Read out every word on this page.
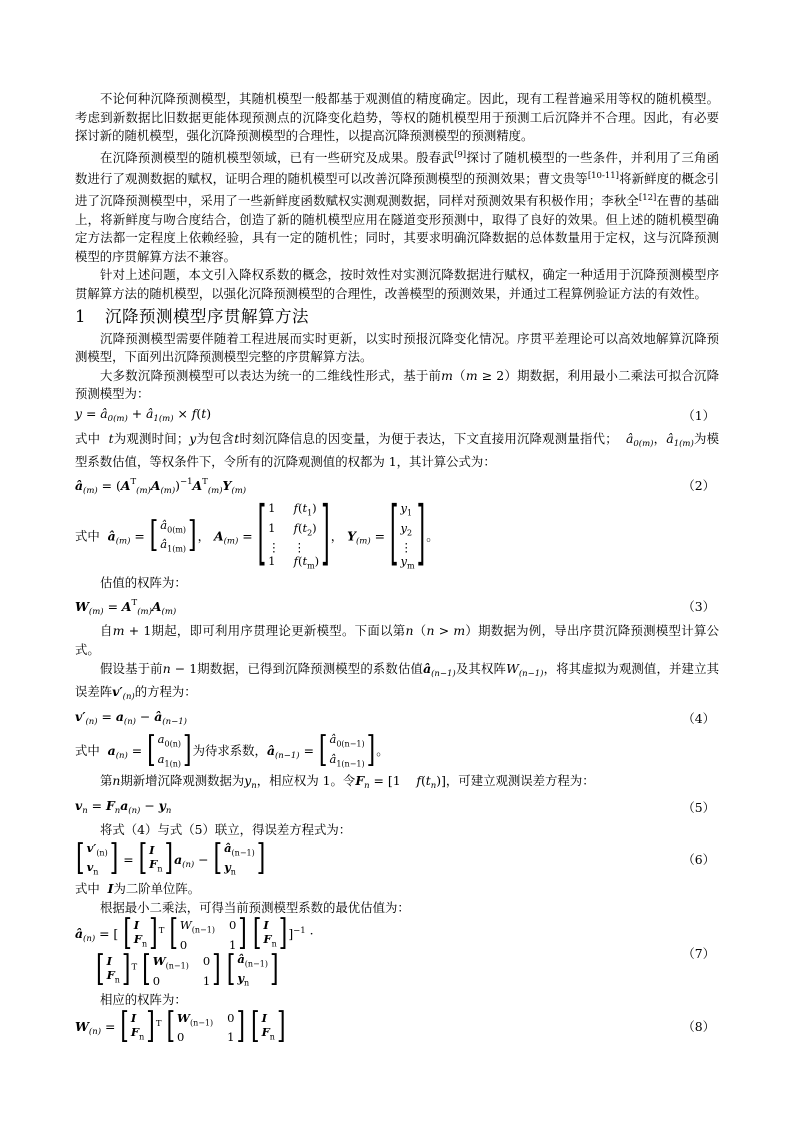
不论何种沉降预测模型，其随机模型一般都基于观测值的精度确定。因此，现有工程普遍采用等权的随机模型。考虑到新数据比旧数据更能体现预测点的沉降变化趋势，等权的随机模型用于预测工后沉降并不合理。因此，有必要探讨新的随机模型，强化沉降预测模型的合理性，以提高沉降预测模型的预测精度。

在沉降预测模型的随机模型领域，已有一些研究及成果。殷春武[9]探讨了随机模型的一些条件，并利用了三角函数进行了观测数据的赋权，证明合理的随机模型可以改善沉降预测模型的预测效果；曹文贵等[10-11]将新鲜度的概念引进了沉降预测模型中，采用了一些新鲜度函数赋权实测观测数据，同样对预测效果有积极作用；李秋全[12]在曹的基础上，将新鲜度与吻合度结合，创造了新的随机模型应用在隧道变形预测中，取得了良好的效果。但上述的随机模型确定方法都一定程度上依赖经验，具有一定的随机性；同时，其要求明确沉降数据的总体数量用于定权，这与沉降预测模型的序贯解算方法不兼容。

针对上述问题，本文引入降权系数的概念，按时效性对实测沉降数据进行赋权，确定一种适用于沉降预测模型序贯解算方法的随机模型，以强化沉降预测模型的合理性，改善模型的预测效果，并通过工程算例验证方法的有效性。

1 沉降预测模型序贯解算方法

沉降预测模型需要伴随着工程进展而实时更新，以实时预报沉降变化情况。序贯平差理论可以高效地解算沉降预测模型，下面列出沉降预测模型完整的序贯解算方法。

大多数沉降预测模型可以表达为统一的二维线性形式，基于前m（m ≥ 2）期数据，利用最小二乘法可拟合沉降预测模型为：

$y = â_{0(m)}$ + $â_{1(m)} \times f(t)$	（1）

式中 t为观测时间；y为包含t时刻沉降信息的因变量，为便于表达，下文直接用沉降观测量指代； $â_{0(m)}$，$â_{1(m)}$为模型系数估值，等权条件下，令所有的沉降观测值的权都为 1，其计算公式为：

$â_{(m)} = (A^T_{(m)}A_{(m)})^{-1}A^T_{(m)}Y_{(m)}$	（2）
式中 $â_{(m)}$ = [ $â_{0(m)}$
$â_{1(m)}$ ] ， $A_{(m)}$ = [ 1	$f(t_1)$
1	$f(t_2)$
⋮ ⋮
1	$f(t_m)$ ] ， $Y_{(m)}$ = [ $y_1$
$y_2$
⋮
$y_m$ ] 。

估值的权阵为：

$W_{(m)} = A^T_{(m)}A_{(m)}$	（3）

自m + 1期起，即可利用序贯理论更新模型。下面以第n（n > m）期数据为例，导出序贯沉降预测模型计算公式。

假设基于前n − 1期数据，已得到沉降预测模型的系数估值$â_{(n-1)}$及其权阵$W_{(n-1)}$，将其虚拟为观测值，并建立其误差阵$v'_{(n)}$的方程为：

$v'_{(n)} = a_{(n)}$ − $â_{(n-1)}$	（4）
式中 $a_{(n)}$ = [ $a_{0(n)}$
$a_{1(n)}$ ] 为待求系数，$â_{(n-1)}$ = [ $â_{0(n-1)}$
$â_{1(n-1)}$ ] 。

第n期新增沉降观测数据为$y_n$，相应权为 1。令$F_n = [1$    $f(t_n)$]，可建立观测误差方程为：

$v_n = F_na_{(n)} - y_n$	（5）

将式（4）与式（5）联立，得误差方程式为：

[ $v'_{(n)}$
$v_n$ ] = [ I
$F_n$ ] $a_{(n)}$ − [ $â_{(n-1)}$
$y_n$ ]	（6）

式中 I为二阶单位阵。

根据最小二乘法，可得当前预测模型系数的最优估值为：

$â_{(n)}$ = [ [ I
$F_n$ ] $^T$ [ $W_{(n-1)}$ 0
0	1 ]
[ I
$F_n$ ] ]$^{-1}$ ·
[ I
$F_n$ ] $^T$ [ $W_{(n-1)}$ 0
0	1 ]
[ $â_{(n-1)}$
$y_n$ ]	（7）

相应的权阵为：

$W_{(n)}$ = [ I
$F_n$ ] $^T$ [ $W_{(n-1)}$ 0
0	1 ]
[ I
$F_n$ ]	（8）
